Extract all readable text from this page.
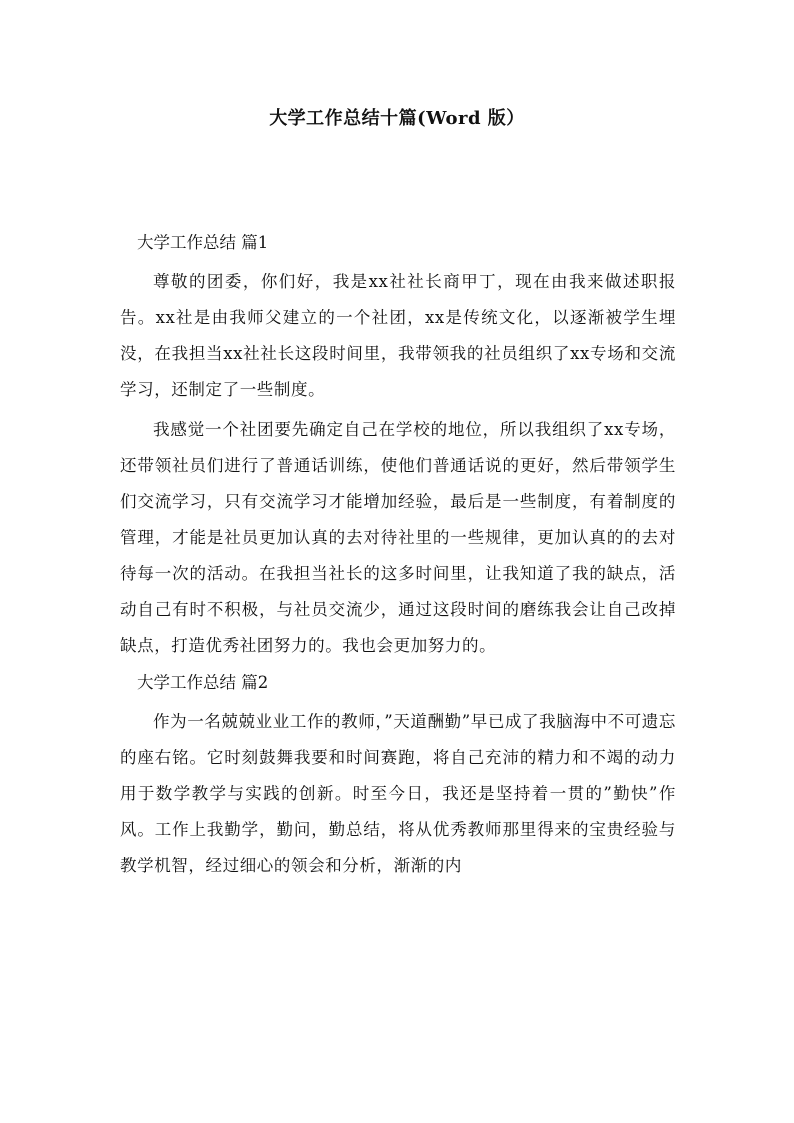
大学工作总结十篇(Word 版）
大学工作总结 篇1

尊敬的团委，你们好，我是xx社社长商甲丁，现在由我来做述职报告。xx社是由我师父建立的一个社团，xx是传统文化，以逐渐被学生埋没，在我担当xx社社长这段时间里，我带领我的社员组织了xx专场和交流学习，还制定了一些制度。

我感觉一个社团要先确定自己在学校的地位，所以我组织了xx专场，还带领社员们进行了普通话训练，使他们普通话说的更好，然后带领学生们交流学习，只有交流学习才能增加经验，最后是一些制度，有着制度的管理，才能是社员更加认真的去对待社里的一些规律，更加认真的的去对待每一次的活动。在我担当社长的这多时间里，让我知道了我的缺点，活动自己有时不积极，与社员交流少，通过这段时间的磨练我会让自己改掉缺点，打造优秀社团努力的。我也会更加努力的。

大学工作总结 篇2

作为一名兢兢业业工作的教师，”天道酬勤”早已成了我脑海中不可遗忘的座右铭。它时刻鼓舞我要和时间赛跑，将自己充沛的精力和不竭的动力用于数学教学与实践的创新。时至今日，我还是坚持着一贯的”勤快”作风。工作上我勤学，勤问，勤总结，将从优秀教师那里得来的宝贵经验与教学机智，经过细心的领会和分析，渐渐的内
